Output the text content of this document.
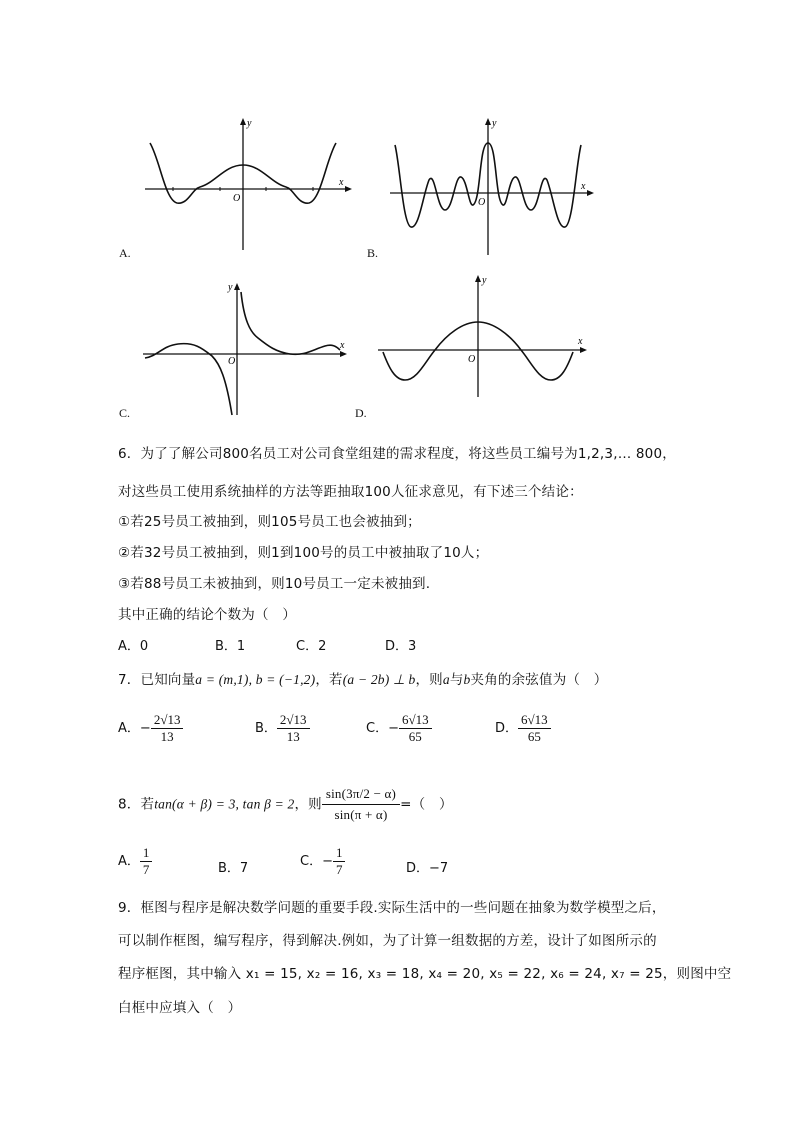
y
x
O
A.
y
x
O
B.
y
x
O
C.
y
x
O
D.
6．为了了解公司800名员工对公司食堂组建的需求程度，将这些员工编号为1,2,3,… 800，
对这些员工使用系统抽样的方法等距抽取100人征求意见，有下述三个结论：
①若25号员工被抽到，则105号员工也会被抽到；
②若32号员工被抽到，则1到100号的员工中被抽取了10人；
③若88号员工未被抽到，则10号员工一定未被抽到.
其中正确的结论个数为（　）
A．0	B．1	C．2	D．3
7．已知向量a = (m,1), b = (−1,2)，若(a − 2b) ⊥ b，则a与b夹角的余弦值为（　）
A．− $\frac{2√13}{13}$	B． $\frac{2√13}{13}$	C．− $\frac{6√13}{65}$	D． $\frac{6√13}{65}$
8．若tan(α + β) = 3, tan β = 2，则 $\frac{\sin(3\pi/2 - \alpha)}{\sin(\pi + \alpha)}$ =（　）
A． $\frac{1}{7}$	B．7	C．− $\frac{1}{7}$	D．−7
9．框图与程序是解决数学问题的重要手段.实际生活中的一些问题在抽象为数学模型之后，
可以制作框图，编写程序，得到解决.例如，为了计算一组数据的方差，设计了如图所示的
程序框图，其中输入 x₁ = 15, x₂ = 16, x₃ = 18, x₄ = 20, x₅ = 22, x₆ = 24, x₇ = 25，则图中空
白框中应填入（　）
